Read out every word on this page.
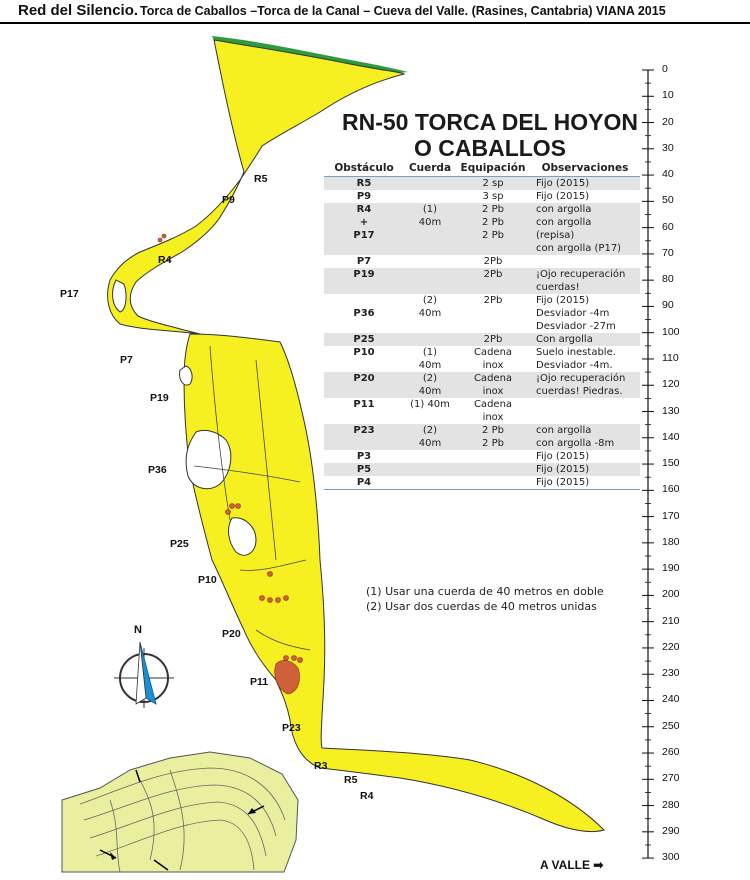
Red del Silencio. Torca de Caballos –Torca de la Canal – Cueva del Valle. (Rasines, Cantabria) VIANA 2015
RN-50 TORCA DEL HOYON
O CABALLOS
R5
P9
R4
P17
P7
P19
P36
P25
P10
P20
P11
P23
R3
R5
R4
N
Obstáculo	Cuerda	Equipación	Observaciones
R5		2 sp	Fijo (2015)
P9		3 sp	Fijo (2015)
R4	(1)	2 Pb	con argolla
+	40m	2 Pb	con argolla
P17		2 Pb	(repisa)
			con argolla (P17)
P7		2Pb	
P19		2Pb	¡Ojo recuperación
			cuerdas!
	(2)	2Pb	Fijo (2015)
P36	40m		Desviador -4m
			Desviador -27m
P25		2Pb	Con argolla
P10	(1)	Cadena	Suelo inestable.
	40m	inox	Desviador -4m.
P20	(2)	Cadena	¡Ojo recuperación
	40m	inox	cuerdas! Piedras.
P11	(1) 40m	Cadena	
		inox	
P23	(2)	2 Pb	con argolla
	40m	2 Pb	con argolla -8m
P3			Fijo (2015)
P5			Fijo (2015)
P4			Fijo (2015)
(1) Usar una cuerda de 40 metros en doble
(2) Usar dos cuerdas de 40 metros unidas
0
10
20
30
40
50
60
70
80
90
100
110
120
130
140
150
160
170
180
190
200
210
220
230
240
250
260
270
280
290
300
A VALLE ➡
